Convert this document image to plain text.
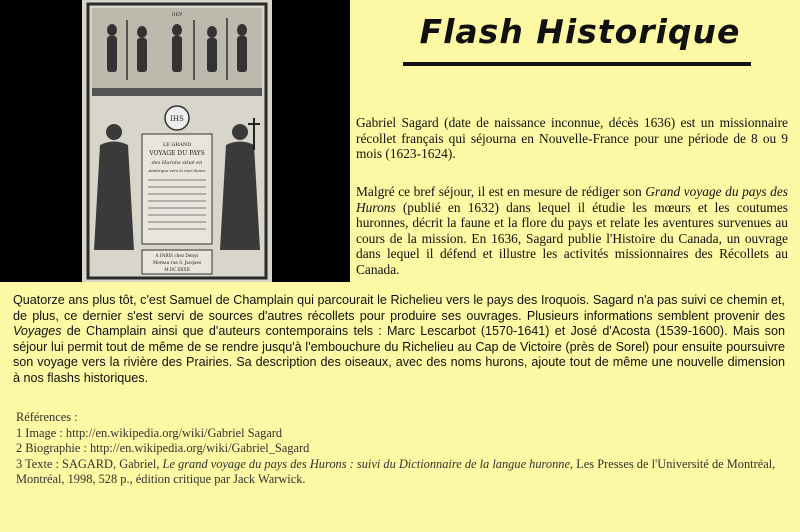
יהוה
IHS
LE GRAND
VOYAGE DU PAYS
des Hurons situé en
Amérique vers la mer douce
A PARIS chez Denys
Moreau rue S. Jacques
M.DC.XXXII
Flash Historique

Gabriel Sagard (date de naissance inconnue, décès 1636) est un missionnaire récollet français qui séjourna en Nouvelle-France pour une période de 8 ou 9 mois (1623-1624).

Malgré ce bref séjour, il est en mesure de rédiger son Grand voyage du pays des Hurons (publié en 1632) dans lequel il étudie les mœurs et les coutumes huronnes, décrit la faune et la flore du pays et relate les aventures survenues au cours de la mission. En 1636, Sagard publie l'Histoire du Canada, un ouvrage dans lequel il défend et illustre les activités missionnaires des Récollets au Canada.

Quatorze ans plus tôt, c'est Samuel de Champlain qui parcourait le Richelieu vers le pays des Iroquois. Sagard n'a pas suivi ce chemin et, de plus, ce dernier s'est servi de sources d'autres récollets pour produire ses ouvrages. Plusieurs informations semblent provenir des Voyages de Champlain ainsi que d'auteurs contemporains tels : Marc Lescarbot (1570-1641) et José d'Acosta (1539-1600). Mais son séjour lui permit tout de même de se rendre jusqu'à l'embouchure du Richelieu au Cap de Victoire (près de Sorel) pour ensuite poursuivre son voyage vers la rivière des Prairies. Sa description des oiseaux, avec des noms hurons, ajoute tout de même une nouvelle dimension à nos flashs historiques.

Références :
1 Image : http://en.wikipedia.org/wiki/Gabriel Sagard
2 Biographie : http://en.wikipedia.org/wiki/Gabriel_Sagard
3 Texte : SAGARD, Gabriel, Le grand voyage du pays des Hurons : suivi du Dictionnaire de la langue huronne, Les Presses de l'Université de Montréal, Montréal, 1998, 528 p., édition critique par Jack Warwick.
